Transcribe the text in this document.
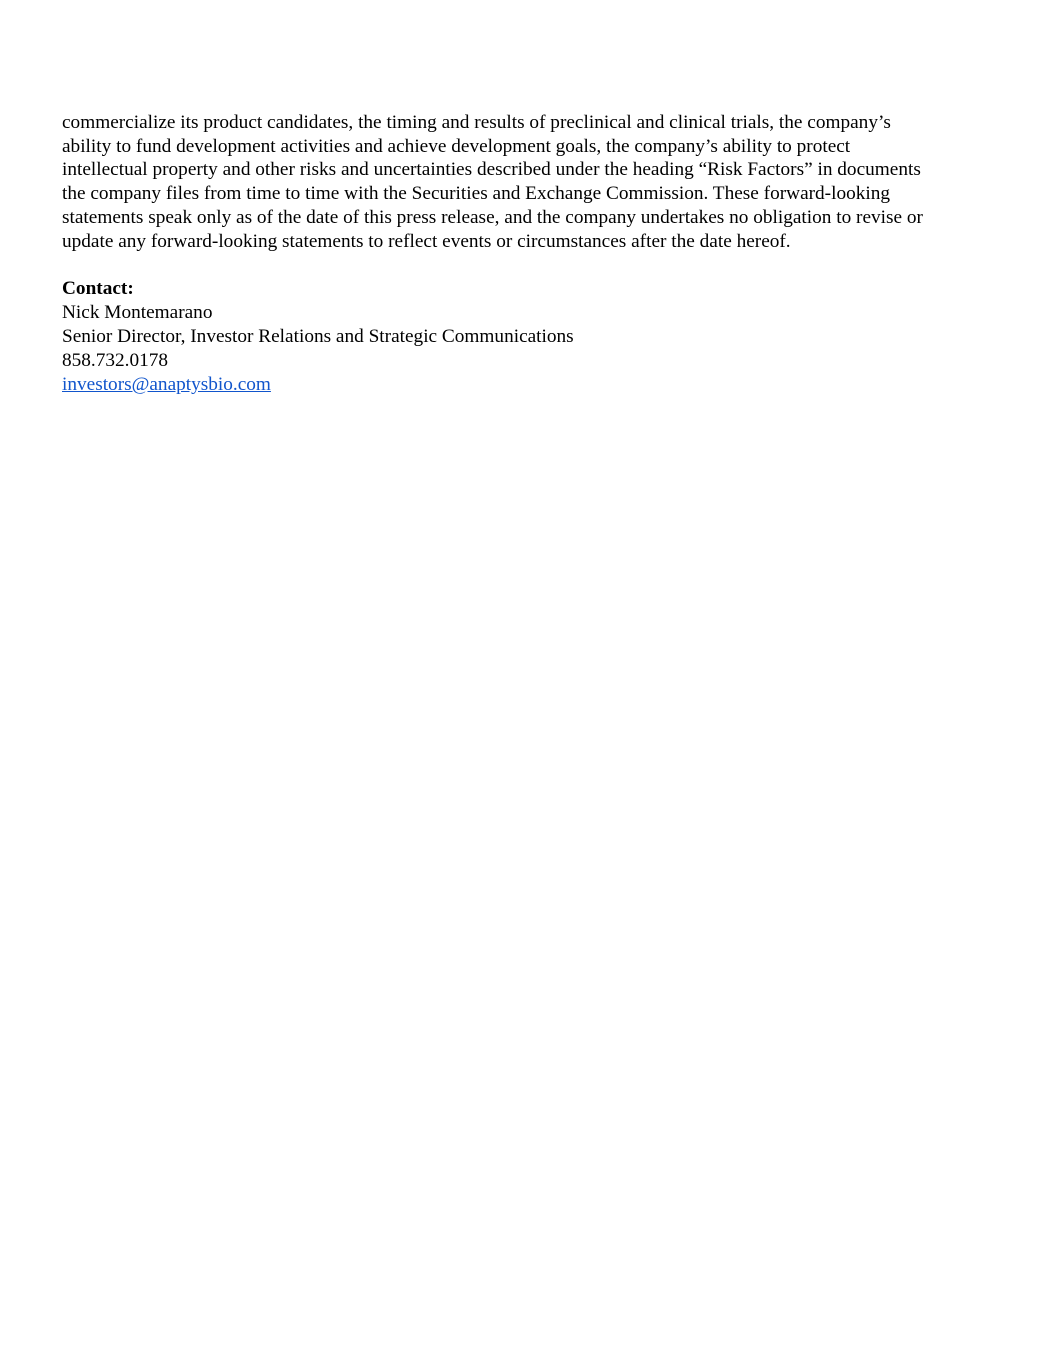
commercialize its product candidates, the timing and results of preclinical and clinical trials, the company’s
ability to fund development activities and achieve development goals, the company’s ability to protect
intellectual property and other risks and uncertainties described under the heading “Risk Factors” in documents
the company files from time to time with the Securities and Exchange Commission. These forward-looking
statements speak only as of the date of this press release, and the company undertakes no obligation to revise or
update any forward-looking statements to reflect events or circumstances after the date hereof.
Contact:
Nick Montemarano
Senior Director, Investor Relations and Strategic Communications
858.732.0178
investors@anaptysbio.com
